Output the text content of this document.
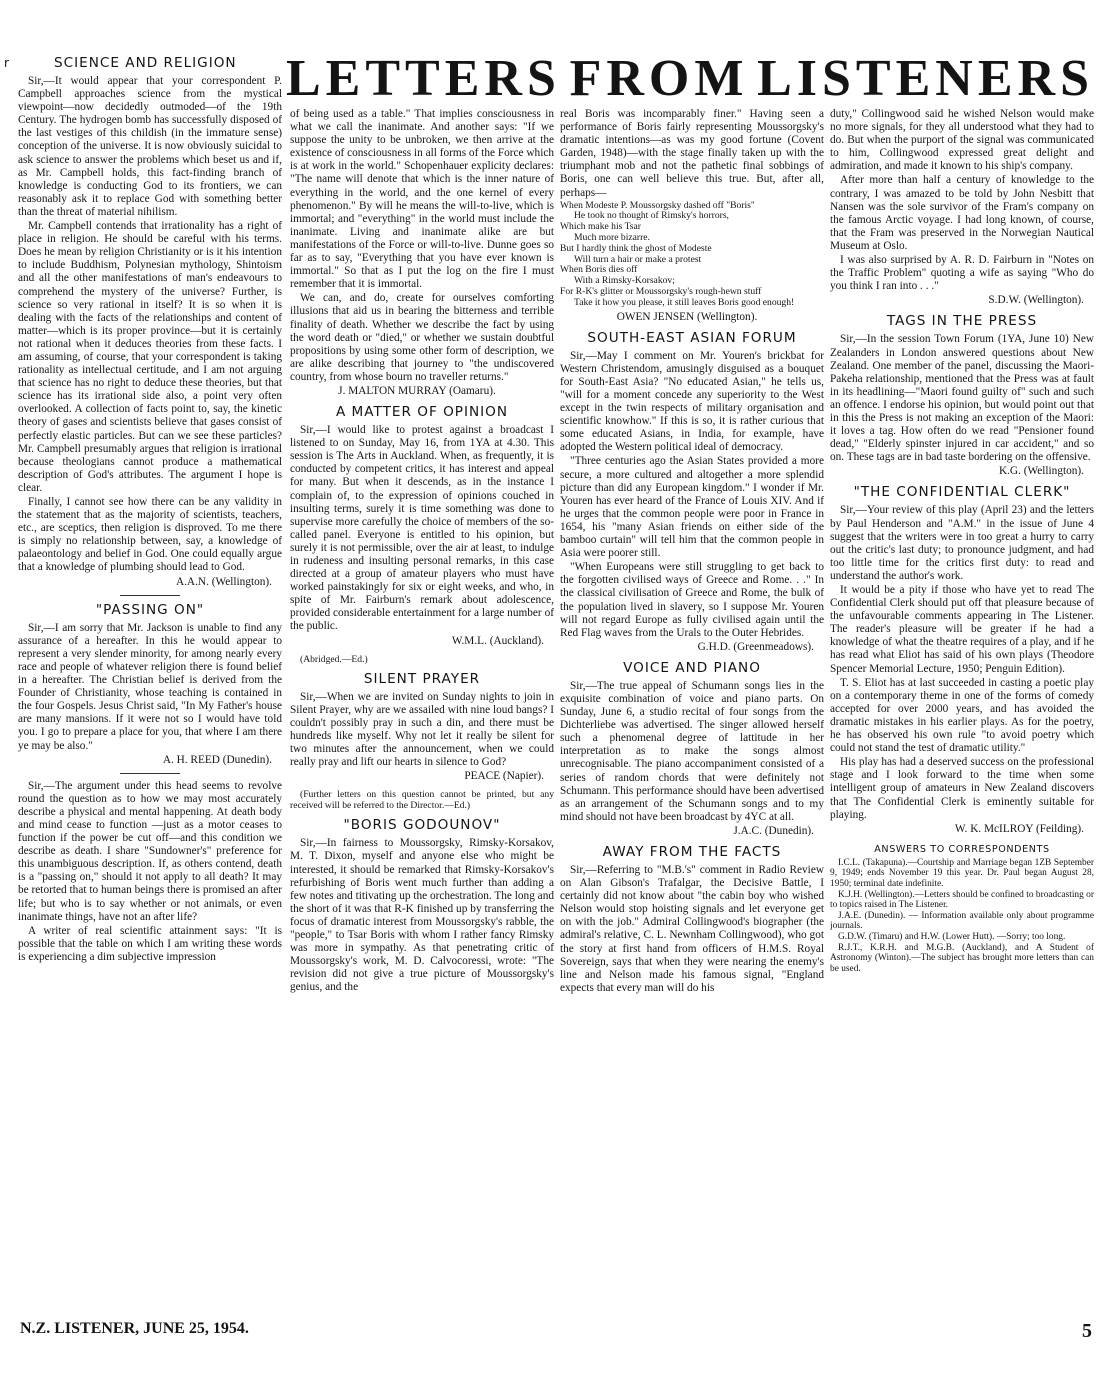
r	LETTERS FROM LISTENERS
SCIENCE AND RELIGION

Sir,—It would appear that your correspondent P. Campbell approaches science from the mystical viewpoint—now decidedly outmoded—of the 19th Century. The hydrogen bomb has successfully disposed of the last vestiges of this childish (in the immature sense) conception of the universe. It is now obviously suicidal to ask science to answer the problems which beset us and if, as Mr. Campbell holds, this fact-finding branch of knowledge is conducting God to its frontiers, we can reasonably ask it to replace God with something better than the threat of material nihilism.

Mr. Campbell contends that irrationality has a right of place in religion. He should be careful with his terms. Does he mean by religion Christianity or is it his intention to include Buddhism, Polynesian mythology, Shintoism and all the other manifestations of man's endeavours to comprehend the mystery of the universe? Further, is science so very rational in itself? It is so when it is dealing with the facts of the relationships and content of matter—which is its proper province—but it is certainly not rational when it deduces theories from these facts. I am assuming, of course, that your correspondent is taking rationality as intellectual certitude, and I am not arguing that science has no right to deduce these theories, but that science has its irrational side also, a point very often overlooked. A collection of facts point to, say, the kinetic theory of gases and scientists believe that gases consist of perfectly elastic particles. But can we see these particles? Mr. Campbell presumably argues that religion is irrational because theologians cannot produce a mathematical description of God's attributes. The argument I hope is clear.

Finally, I cannot see how there can be any validity in the statement that as the majority of scientists, teachers, etc., are sceptics, then religion is disproved. To me there is simply no relationship between, say, a knowledge of palaeontology and belief in God. One could equally argue that a knowledge of plumbing should lead to God.

A.A.N. (Wellington).
"PASSING ON"

Sir,—I am sorry that Mr. Jackson is unable to find any assurance of a hereafter. In this he would appear to represent a very slender minority, for among nearly every race and people of whatever religion there is found belief in a hereafter. The Christian belief is derived from the Founder of Christianity, whose teaching is contained in the four Gospels. Jesus Christ said, "In My Father's house are many mansions. If it were not so I would have told you. I go to prepare a place for you, that where I am there ye may be also."

A. H. REED (Dunedin).

Sir,—The argument under this head seems to revolve round the question as to how we may most accurately describe a physical and mental happening. At death body and mind cease to function —just as a motor ceases to function if the power be cut off—and this condition we describe as death. I share "Sundowner's" preference for this unambiguous description. If, as others contend, death is a "passing on," should it not apply to all death? It may be retorted that to human beings there is promised an after life; but who is to say whether or not animals, or even inanimate things, have not an after life?

A writer of real scientific attainment says: "It is possible that the table on which I am writing these words is experiencing a dim subjective impression

of being used as a table." That implies consciousness in what we call the inanimate. And another says: "If we suppose the unity to be unbroken, we then arrive at the existence of consciousness in all forms of the Force which is at work in the world." Schopenhauer explicity declares: "The name will denote that which is the inner nature of everything in the world, and the one kernel of every phenomenon." By will he means the will-to-live, which is immortal; and "everything" in the world must include the inanimate. Living and inanimate alike are but manifestations of the Force or will-to-live. Dunne goes so far as to say, "Everything that you have ever known is immortal." So that as I put the log on the fire I must remember that it is immortal.

We can, and do, create for ourselves comforting illusions that aid us in bearing the bitterness and terrible finality of death. Whether we describe the fact by using the word death or "died," or whether we sustain doubtful propositions by using some other form of description, we are alike describing that journey to "the undiscovered country, from whose bourn no traveller returns."

J. MALTON MURRAY (Oamaru).
A MATTER OF OPINION

Sir,—I would like to protest against a broadcast I listened to on Sunday, May 16, from 1YA at 4.30. This session is The Arts in Auckland. When, as frequently, it is conducted by competent critics, it has interest and appeal for many. But when it descends, as in the instance I complain of, to the expression of opinions couched in insulting terms, surely it is time something was done to supervise more carefully the choice of members of the so-called panel. Everyone is entitled to his opinion, but surely it is not permissible, over the air at least, to indulge in rudeness and insulting personal remarks, in this case directed at a group of amateur players who must have worked painstakingly for six or eight weeks, and who, in spite of Mr. Fairburn's remark about adolescence, provided considerable entertainment for a large number of the public.

W.M.L. (Auckland).
(Abridged.—Ed.)
SILENT PRAYER

Sir,—When we are invited on Sunday nights to join in Silent Prayer, why are we assailed with nine loud bangs? I couldn't possibly pray in such a din, and there must be hundreds like myself. Why not let it really be silent for two minutes after the announcement, when we could really pray and lift our hearts in silence to God?

PEACE (Napier).
(Further letters on this question cannot be printed, but any received will be referred to the Director.—Ed.)
"BORIS GODOUNOV"

Sir,—In fairness to Moussorgsky, Rimsky-Korsakov, M. T. Dixon, myself and anyone else who might be interested, it should be remarked that Rimsky-Korsakov's refurbishing of Boris went much further than adding a few notes and titivating up the orchestration. The long and the short of it was that R-K finished up by transferring the focus of dramatic interest from Moussorgsky's rabble, the "people," to Tsar Boris with whom I rather fancy Rimsky was more in sympathy. As that penetrating critic of Moussorgsky's work, M. D. Calvocoressi, wrote: "The revision did not give a true picture of Moussorgsky's genius, and the

real Boris was incomparably finer." Having seen a performance of Boris fairly representing Moussorgsky's dramatic intentions—as was my good fortune (Covent Garden, 1948)—with the stage finally taken up with the triumphant mob and not the pathetic final sobbings of Boris, one can well believe this true. But, after all, perhaps—

When Modeste P. Moussorgsky dashed off "Boris"
He took no thought of Rimsky's horrors,
Which make his Tsar
Much more bizarre.
But I hardly think the ghost of Modeste
Will turn a hair or make a protest
When Boris dies off
With a Rimsky-Korsakov;
For R-K's glitter or Moussorgsky's rough-hewn stuff
Take it how you please, it still leaves Boris good enough!
OWEN JENSEN (Wellington).
SOUTH-EAST ASIAN FORUM

Sir,—May I comment on Mr. Youren's brickbat for Western Christendom, amusingly disguised as a bouquet for South-East Asia? "No educated Asian," he tells us, "will for a moment concede any superiority to the West except in the twin respects of military organisation and scientific knowhow." If this is so, it is rather curious that some educated Asians, in India, for example, have adopted the Western political ideal of democracy.

"Three centuries ago the Asian States provided a more secure, a more cultured and altogether a more splendid picture than did any European kingdom." I wonder if Mr. Youren has ever heard of the France of Louis XIV. And if he urges that the common people were poor in France in 1654, his "many Asian friends on either side of the bamboo curtain" will tell him that the common people in Asia were poorer still.

"When Europeans were still struggling to get back to the forgotten civilised ways of Greece and Rome. . ." In the classical civilisation of Greece and Rome, the bulk of the population lived in slavery, so I suppose Mr. Youren will not regard Europe as fully civilised again until the Red Flag waves from the Urals to the Outer Hebrides.

G.H.D. (Greenmeadows).
VOICE AND PIANO

Sir,—The true appeal of Schumann songs lies in the exquisite combination of voice and piano parts. On Sunday, June 6, a studio recital of four songs from the Dichterliebe was advertised. The singer allowed herself such a phenomenal degree of lattitude in her interpretation as to make the songs almost unrecognisable. The piano accompaniment consisted of a series of random chords that were definitely not Schumann. This performance should have been advertised as an arrangement of the Schumann songs and to my mind should not have been broadcast by 4YC at all.

J.A.C. (Dunedin).
AWAY FROM THE FACTS

Sir,—Referring to "M.B.'s" comment in Radio Review on Alan Gibson's Trafalgar, the Decisive Battle, I certainly did not know about "the cabin boy who wished Nelson would stop hoisting signals and let everyone get on with the job." Admiral Collingwood's biographer (the admiral's relative, C. L. Newnham Collingwood), who got the story at first hand from officers of H.M.S. Royal Sovereign, says that when they were nearing the enemy's line and Nelson made his famous signal, "England expects that every man will do his

duty," Collingwood said he wished Nelson would make no more signals, for they all understood what they had to do. But when the purport of the signal was communicated to him, Collingwood expressed great delight and admiration, and made it known to his ship's company.

After more than half a century of knowledge to the contrary, I was amazed to be told by John Nesbitt that Nansen was the sole survivor of the Fram's company on the famous Arctic voyage. I had long known, of course, that the Fram was preserved in the Norwegian Nautical Museum at Oslo.

I was also surprised by A. R. D. Fairburn in "Notes on the Traffic Problem" quoting a wife as saying "Who do you think I ran into . . ."

S.D.W. (Wellington).
TAGS IN THE PRESS

Sir,—In the session Town Forum (1YA, June 10) New Zealanders in London answered questions about New Zealand. One member of the panel, discussing the Maori-Pakeha relationship, mentioned that the Press was at fault in its headlining—"Maori found guilty of" such and such an offence. I endorse his opinion, but would point out that in this the Press is not making an exception of the Maori: it loves a tag. How often do we read "Pensioner found dead," "Elderly spinster injured in car accident," and so on. These tags are in bad taste bordering on the offensive.

K.G. (Wellington).
"THE CONFIDENTIAL CLERK"

Sir,—Your review of this play (April 23) and the letters by Paul Henderson and "A.M." in the issue of June 4 suggest that the writers were in too great a hurry to carry out the critic's last duty; to pronounce judgment, and had too little time for the critics first duty: to read and understand the author's work.

It would be a pity if those who have yet to read The Confidential Clerk should put off that pleasure because of the unfavourable comments appearing in The Listener. The reader's pleasure will be greater if he had a knowledge of what the theatre requires of a play, and if he has read what Eliot has said of his own plays (Theodore Spencer Memorial Lecture, 1950; Penguin Edition).

T. S. Eliot has at last succeeded in casting a poetic play on a contemporary theme in one of the forms of comedy accepted for over 2000 years, and has avoided the dramatic mistakes in his earlier plays. As for the poetry, he has observed his own rule "to avoid poetry which could not stand the test of dramatic utility."

His play has had a deserved success on the professional stage and I look forward to the time when some intelligent group of amateurs in New Zealand discovers that The Confidential Clerk is eminently suitable for playing.

W. K. McILROY (Feilding).
ANSWERS TO CORRESPONDENTS
I.C.L. (Takapuna).—Courtship and Marriage began 1ZB September 9, 1949; ends November 19 this year. Dr. Paul began August 28, 1950; terminal date indefinite.
K.J.H. (Wellington).—Letters should be confined to broadcasting or to topics raised in The Listener.
J.A.E. (Dunedin). — Information available only about programme journals.
G.D.W. (Timaru) and H.W. (Lower Hutt). —Sorry; too long.
R.J.T., K.R.H. and M.G.B. (Auckland), and A Student of Astronomy (Winton).—The subject has brought more letters than can be used.
N.Z. LISTENER, JUNE 25, 1954.	5
